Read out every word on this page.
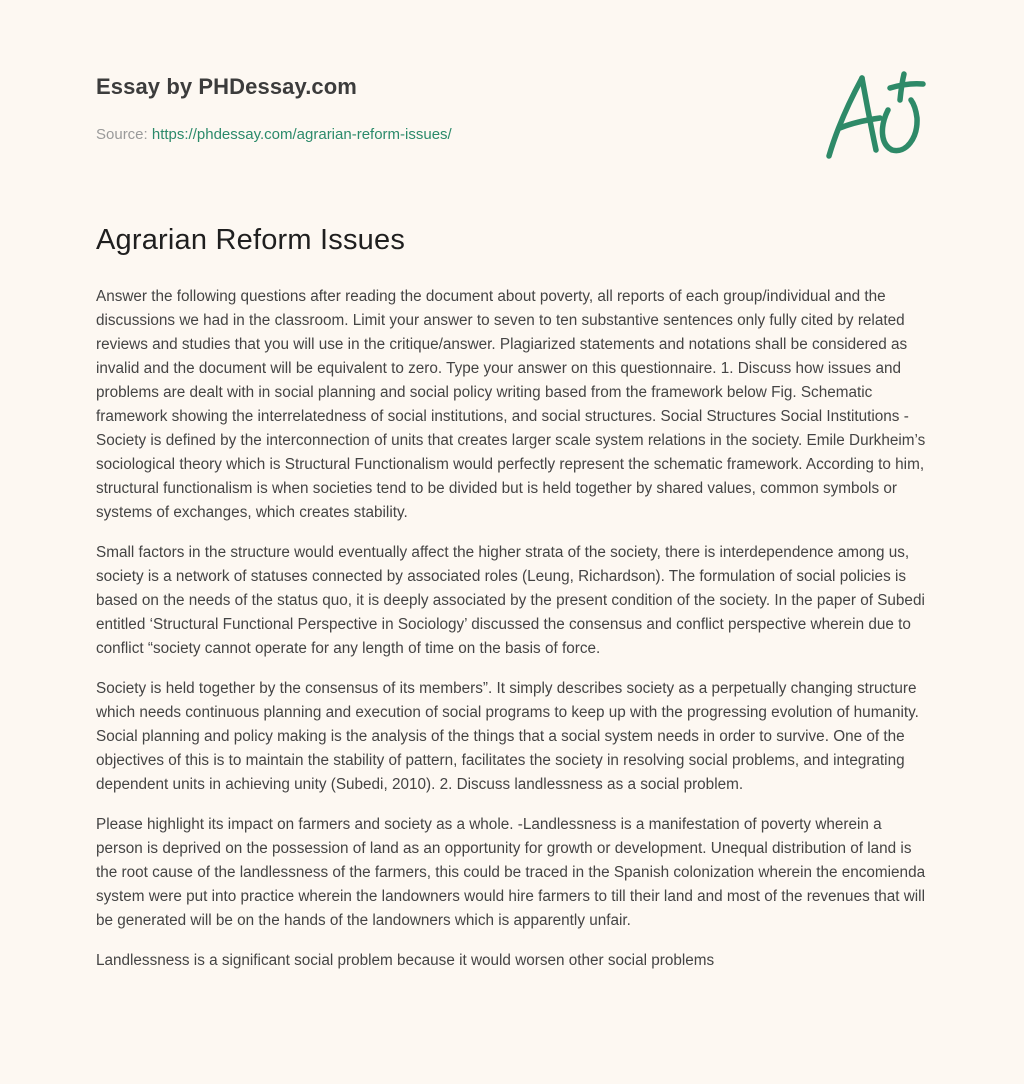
Essay by PHDessay.com
Source: https://phdessay.com/agrarian-reform-issues/
Agrarian Reform Issues

Answer the following questions after reading the document about poverty, all reports of each group/individual and the discussions we had in the classroom. Limit your answer to seven to ten substantive sentences only fully cited by related reviews and studies that you will use in the critique/answer. Plagiarized statements and notations shall be considered as invalid and the document will be equivalent to zero. Type your answer on this questionnaire. 1. Discuss how issues and problems are dealt with in social planning and social policy writing based from the framework below Fig. Schematic framework showing the interrelatedness of social institutions, and social structures. Social Structures Social Institutions -Society is defined by the interconnection of units that creates larger scale system relations in the society. Emile Durkheim’s sociological theory which is Structural Functionalism would perfectly represent the schematic framework. According to him, structural functionalism is when societies tend to be divided but is held together by shared values, common symbols or systems of exchanges, which creates stability.

Small factors in the structure would eventually affect the higher strata of the society, there is interdependence among us, society is a network of statuses connected by associated roles (Leung, Richardson). The formulation of social policies is based on the needs of the status quo, it is deeply associated by the present condition of the society. In the paper of Subedi entitled ‘Structural Functional Perspective in Sociology’ discussed the consensus and conflict perspective wherein due to conflict “society cannot operate for any length of time on the basis of force.

Society is held together by the consensus of its members”. It simply describes society as a perpetually changing structure which needs continuous planning and execution of social programs to keep up with the progressing evolution of humanity. Social planning and policy making is the analysis of the things that a social system needs in order to survive. One of the objectives of this is to maintain the stability of pattern, facilitates the society in resolving social problems, and integrating dependent units in achieving unity (Subedi, 2010). 2. Discuss landlessness as a social problem.

Please highlight its impact on farmers and society as a whole. -Landlessness is a manifestation of poverty wherein a person is deprived on the possession of land as an opportunity for growth or development. Unequal distribution of land is the root cause of the landlessness of the farmers, this could be traced in the Spanish colonization wherein the encomienda system were put into practice wherein the landowners would hire farmers to till their land and most of the revenues that will be generated will be on the hands of the landowners which is apparently unfair.

Landlessness is a significant social problem because it would worsen other social problems
